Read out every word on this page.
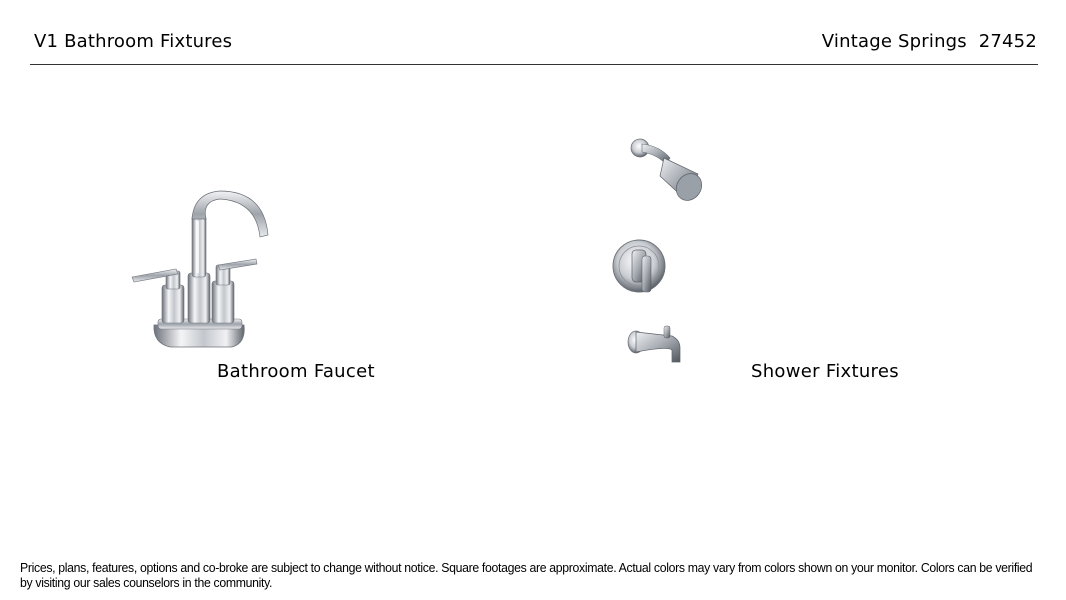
V1 Bathroom Fixtures	Vintage Springs  27452
Bathroom Faucet	Shower Fixtures
Prices, plans, features, options and co-broke are subject to change without notice. Square footages are approximate. Actual colors may vary from colors shown on your monitor. Colors can be verified by visiting our sales counselors in the community.
